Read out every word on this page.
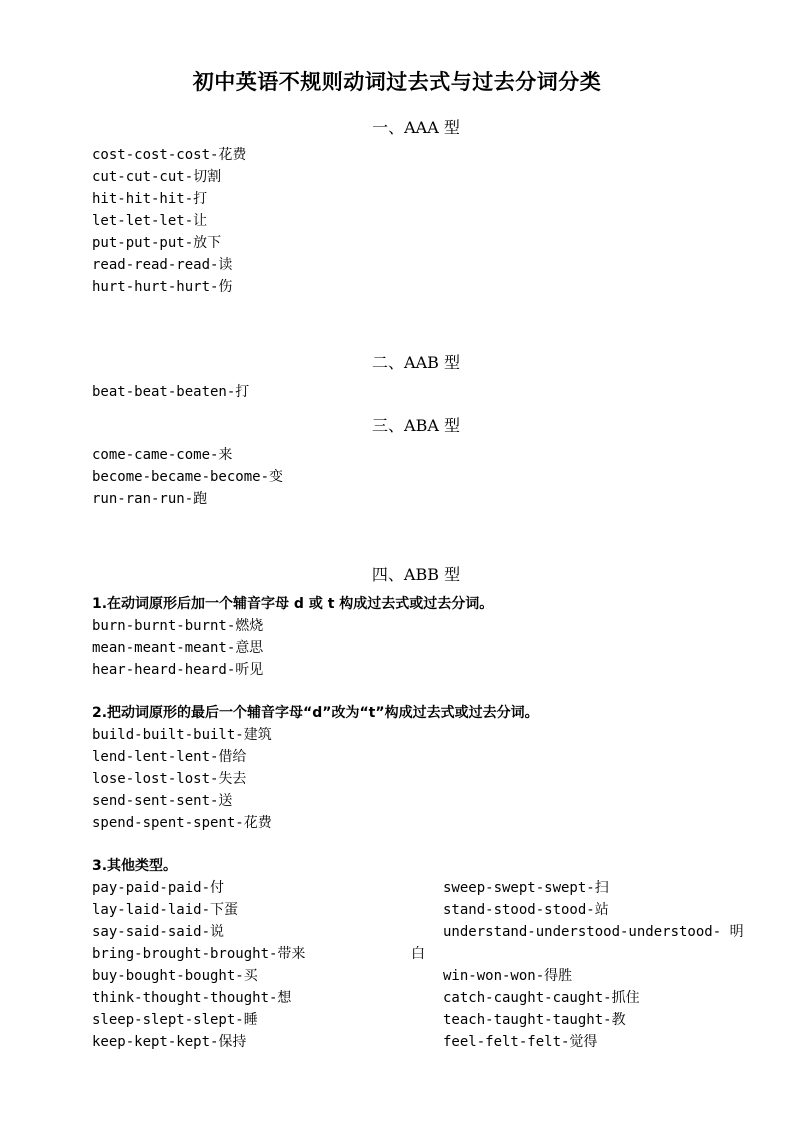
初中英语不规则动词过去式与过去分词分类
一、AAA 型
cost-cost-cost-花费
cut-cut-cut-切割
hit-hit-hit-打
let-let-let-让
put-put-put-放下
read-read-read-读
hurt-hurt-hurt-伤
二、AAB 型
beat-beat-beaten-打
三、ABA 型
come-came-come-来
become-became-become-变
run-ran-run-跑
四、ABB 型
1.在动词原形后加一个辅音字母 d 或 t 构成过去式或过去分词。
burn-burnt-burnt-燃烧
mean-meant-meant-意思
hear-heard-heard-听见
2.把动词原形的最后一个辅音字母“d”改为“t”构成过去式或过去分词。
build-built-built-建筑
lend-lent-lent-借给
lose-lost-lost-失去
send-sent-sent-送
spend-spent-spent-花费
3.其他类型。
pay-paid-paid-付
lay-laid-laid-下蛋
say-said-said-说
bring-brought-brought-带来
buy-bought-bought-买
think-thought-thought-想
sleep-slept-slept-睡
keep-kept-kept-保持
sweep-swept-swept-扫
stand-stood-stood-站
understand-understood-understood- 明
白
win-won-won-得胜
catch-caught-caught-抓住
teach-taught-taught-教
feel-felt-felt-觉得
